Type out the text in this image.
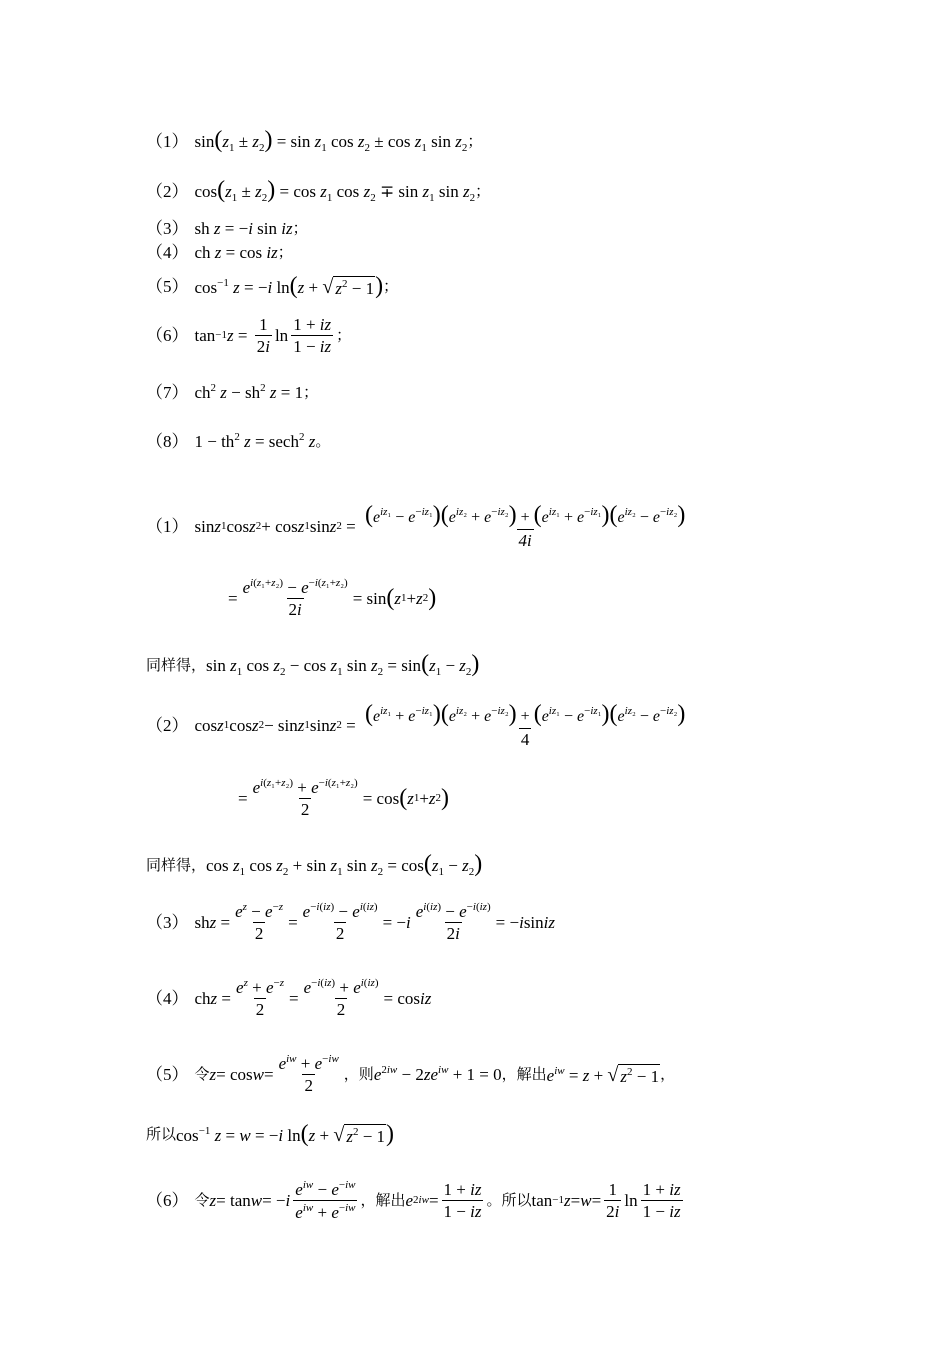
（1） $\sin(z_1 \pm z_2) = \sin z_1$ $\cos z_2 \pm \cos z_1$ $\sin z_2$ ；
（2） $\cos(z_1 \pm z_2) = \cos z_1$ $\cos z_2 \mp \sin z_1$ $\sin z_2$ ；
（3） sh z = −i sin iz ；
（4） ch z = cos iz ；
（5） $\cos^{-1} z = -i$ ln(z + √ $z^2 - 1$ ) ；
（6） tan −1 $z = \frac{1}{2i}$ $\ln \frac{1 + iz}{1 - iz}$ ；
（7） $ch^2$ $z - sh^2$ z = 1 ；
（8） $1 - th^2$ z = sech$^2$ z 。
（1） sin z 1 cos z 2 + cos z 1 sin z $2 = \frac{(e^{iz_1} - e^{-iz_1})(e^{iz_2} + e^{-iz_2}) + (e^{iz_1} + e^{-iz_1})(e^{iz_2} - e^{-iz_2})}{4i}$
= $\frac{e^{i(z_1+z_2)} - e^{-i(z_1+z_2)}}{2i} = \sin$ ( z 1 + z 2 )
同样得， $\sin z_1$ $\cos z_2 - \cos z_1$ $\sin z_2 = \sin(z_1 - z_2)$
（2） cos z 1 cos z 2 − sin z 1 sin z $2 = \frac{(e^{iz_1} + e^{-iz_1})(e^{iz_2} + e^{-iz_2}) + (e^{iz_1} - e^{-iz_1})(e^{iz_2} - e^{-iz_2})}{4}$
= $\frac{e^{i(z_1+z_2)} + e^{-i(z_1+z_2)}}{2} = \cos$ ( z 1 + z 2 )
同样得， $\cos z_1$ $\cos z_2 + \sin z_1$ $\sin z_2 = \cos(z_1 - z_2)$
（3） sh $z = \frac{e^z - e^{-z}}{2} = \frac{e^{-i(iz)} - e^{i(iz)}}{2}$ = − i $\frac{e^{i(iz)} - e^{-i(iz)}}{2i}$ = − i sin iz
（4） ch $z = \frac{e^z + e^{-z}}{2} = \frac{e^{-i(iz)} + e^{i(iz)}}{2} = \cos$ iz
（5） 令 $z = \cos w = \frac{e^{iw} + e^{-iw}}{2}$ ，则 $e^{2iw} - 2ze^{iw} + 1 = 0$ ，解出 $e^{iw} = z$ + √ $z^2 - 1$ ，
所以 $\cos^{-1} z = w = -i$ ln(z + √ $z^2 - 1$ )
（6） 令 z = tan w = − i $\frac{e^{iw} - e^{-iw}}{e^{iw} + e^{-iw}}$ ，解出 e $2iw = \frac{1 + iz}{1 - iz}$ 。所以 tan −1 $z = w = \frac{1}{2i}$ $\ln \frac{1 + iz}{1 - iz}$
